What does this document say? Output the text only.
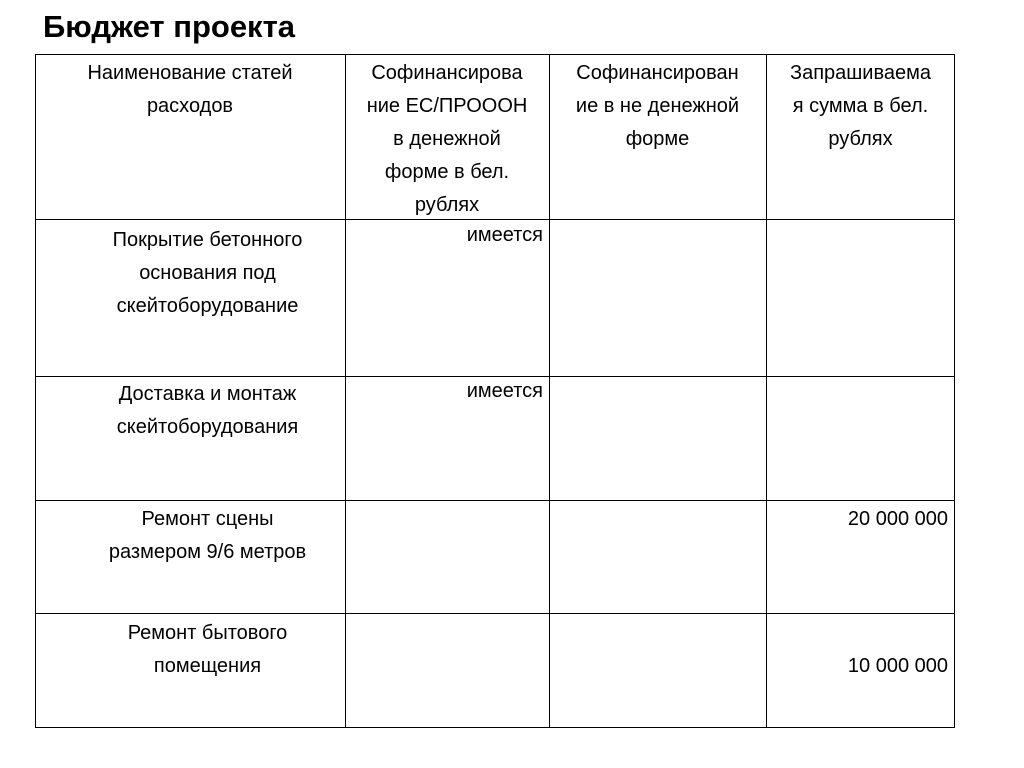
Бюджет проекта
Наименование статей
расходов
Софинансирова
ние ЕС/ПРОООН
в денежной
форме в бел.
рублях
Софинансирован
ие в не денежной
форме
Запрашиваема
я сумма в бел.
рублях
Покрытие бетонного
основания под
скейтоборудование
имеется
Доставка и монтаж
скейтоборудования
имеется
Ремонт сцены
размером 9/6 метров
20 000 000
Ремонт бытового
помещения	10 000 000
